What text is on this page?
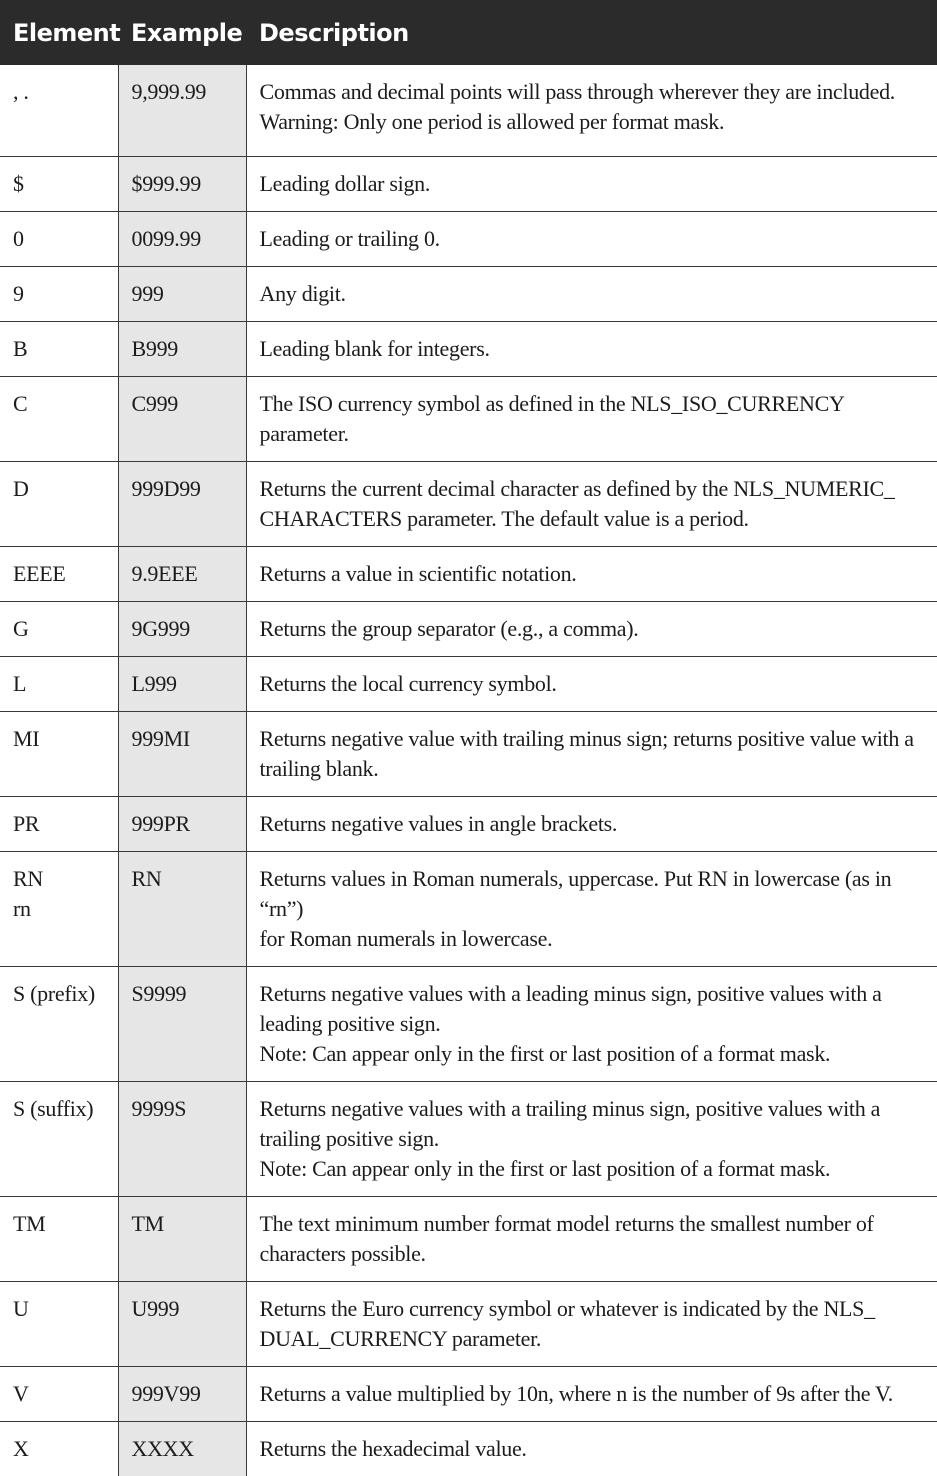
Element	Example	Description

, .	9,999.99	Commas and decimal points will pass through wherever they are included.
Warning: Only one period is allowed per format mask.

$	$999.99	Leading dollar sign.

0	0099.99	Leading or trailing 0.

9	999	Any digit.

B	B999	Leading blank for integers.

C	C999	The ISO currency symbol as defined in the NLS_ISO_CURRENCY parameter.

D	999D99	Returns the current decimal character as defined by the NLS_NUMERIC_
CHARACTERS parameter. The default value is a period.

EEEE	9.9EEE	Returns a value in scientific notation.

G	9G999	Returns the group separator (e.g., a comma).

L	L999	Returns the local currency symbol.

MI	999MI	Returns negative value with trailing minus sign; returns positive value with a
trailing blank.

PR	999PR	Returns negative values in angle brackets.

RN
rn	RN	Returns values in Roman numerals, uppercase. Put RN in lowercase (as in “rn”)
for Roman numerals in lowercase.

S (prefix)	S9999	Returns negative values with a leading minus sign, positive values with a
leading positive sign.
Note: Can appear only in the first or last position of a format mask.

S (suffix)	9999S	Returns negative values with a trailing minus sign, positive values with a
trailing positive sign.
Note: Can appear only in the first or last position of a format mask.

TM	TM	The text minimum number format model returns the smallest number of
characters possible.

U	U999	Returns the Euro currency symbol or whatever is indicated by the NLS_
DUAL_CURRENCY parameter.

V	999V99	Returns a value multiplied by 10n, where n is the number of 9s after the V.

X	XXXX	Returns the hexadecimal value.
